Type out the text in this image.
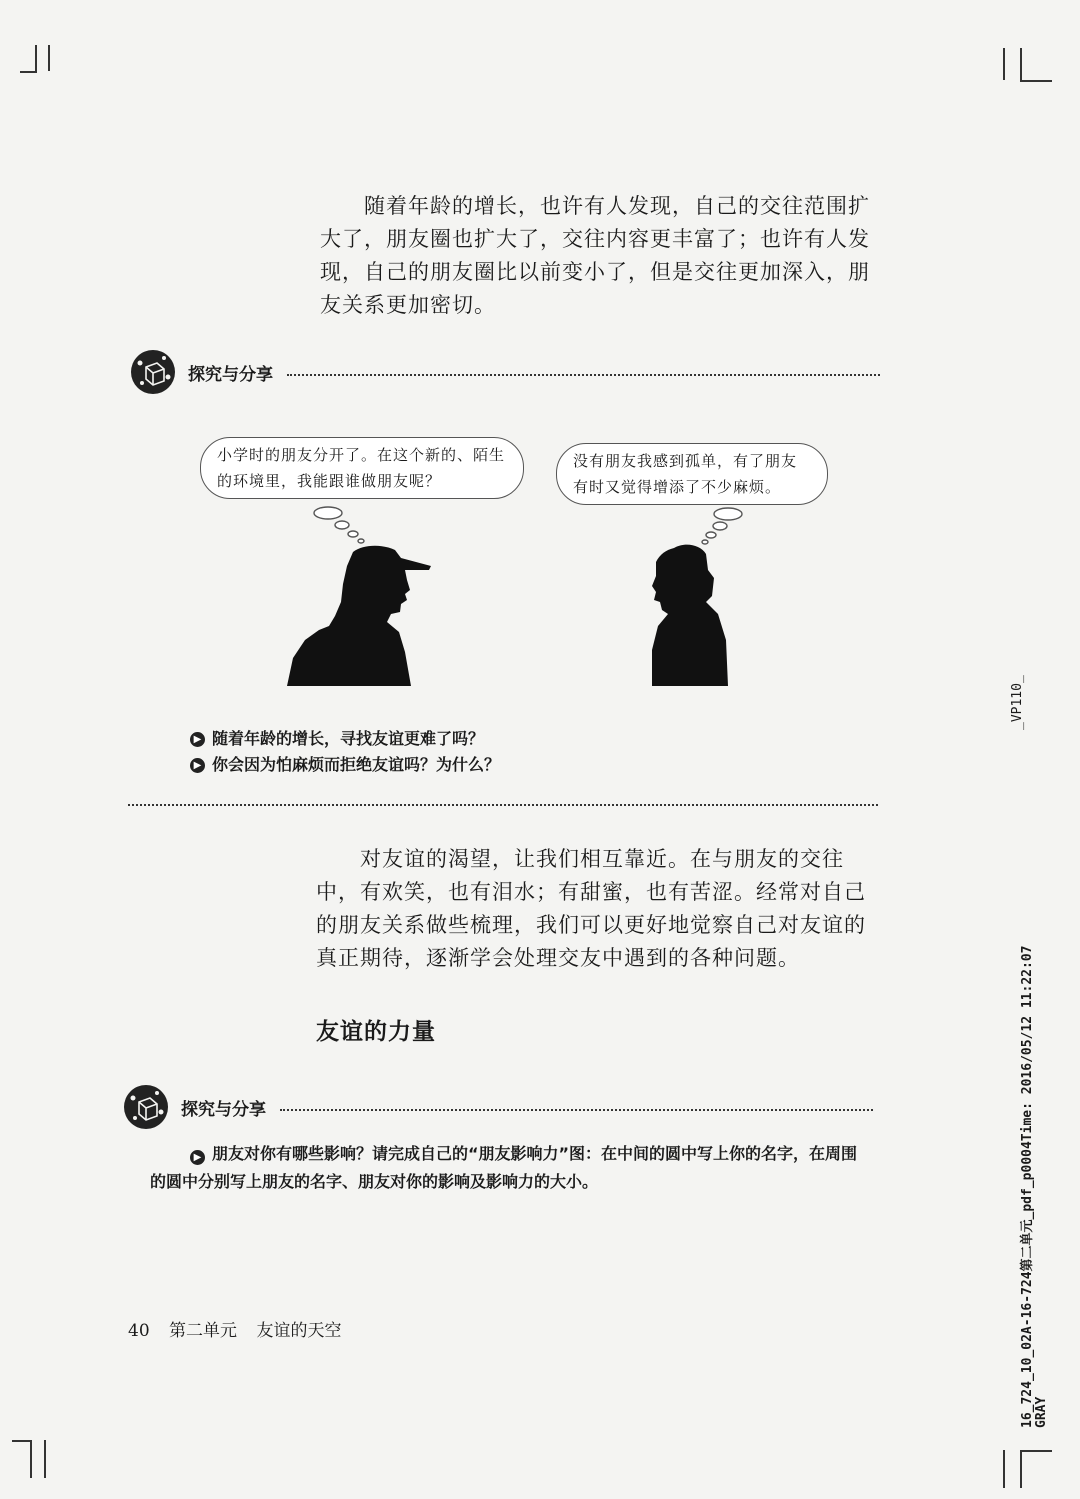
随着年龄的增长，也许有人发现，自己的交往范围扩大了，朋友圈也扩大了，交往内容更丰富了；也许有人发现，自己的朋友圈比以前变小了，但是交往更加深入，朋友关系更加密切。

探究与分享
小学时的朋友分开了。在这个新的、陌生的环境里，我能跟谁做朋友呢？
没有朋友我感到孤单，有了朋友有时又觉得增添了不少麻烦。
▶ 随着年龄的增长，寻找友谊更难了吗？
▶ 你会因为怕麻烦而拒绝友谊吗？为什么？

对友谊的渴望，让我们相互靠近。在与朋友的交往中，有欢笑，也有泪水；有甜蜜，也有苦涩。经常对自己的朋友关系做些梳理，我们可以更好地觉察自己对友谊的真正期待，逐渐学会处理交友中遇到的各种问题。

友谊的力量
探究与分享
▶ 朋友对你有哪些影响？请完成自己的“朋友影响力”图：在中间的圆中写上你的名字，在周围的圆中分别写上朋友的名字、朋友对你的影响及影响力的大小。
40 第二单元 友谊的天空
_VP110_
16_724_10_02A-16-724第二单元_pdf_p0004Time: 2016/05/12 11:22:07 GRAY
